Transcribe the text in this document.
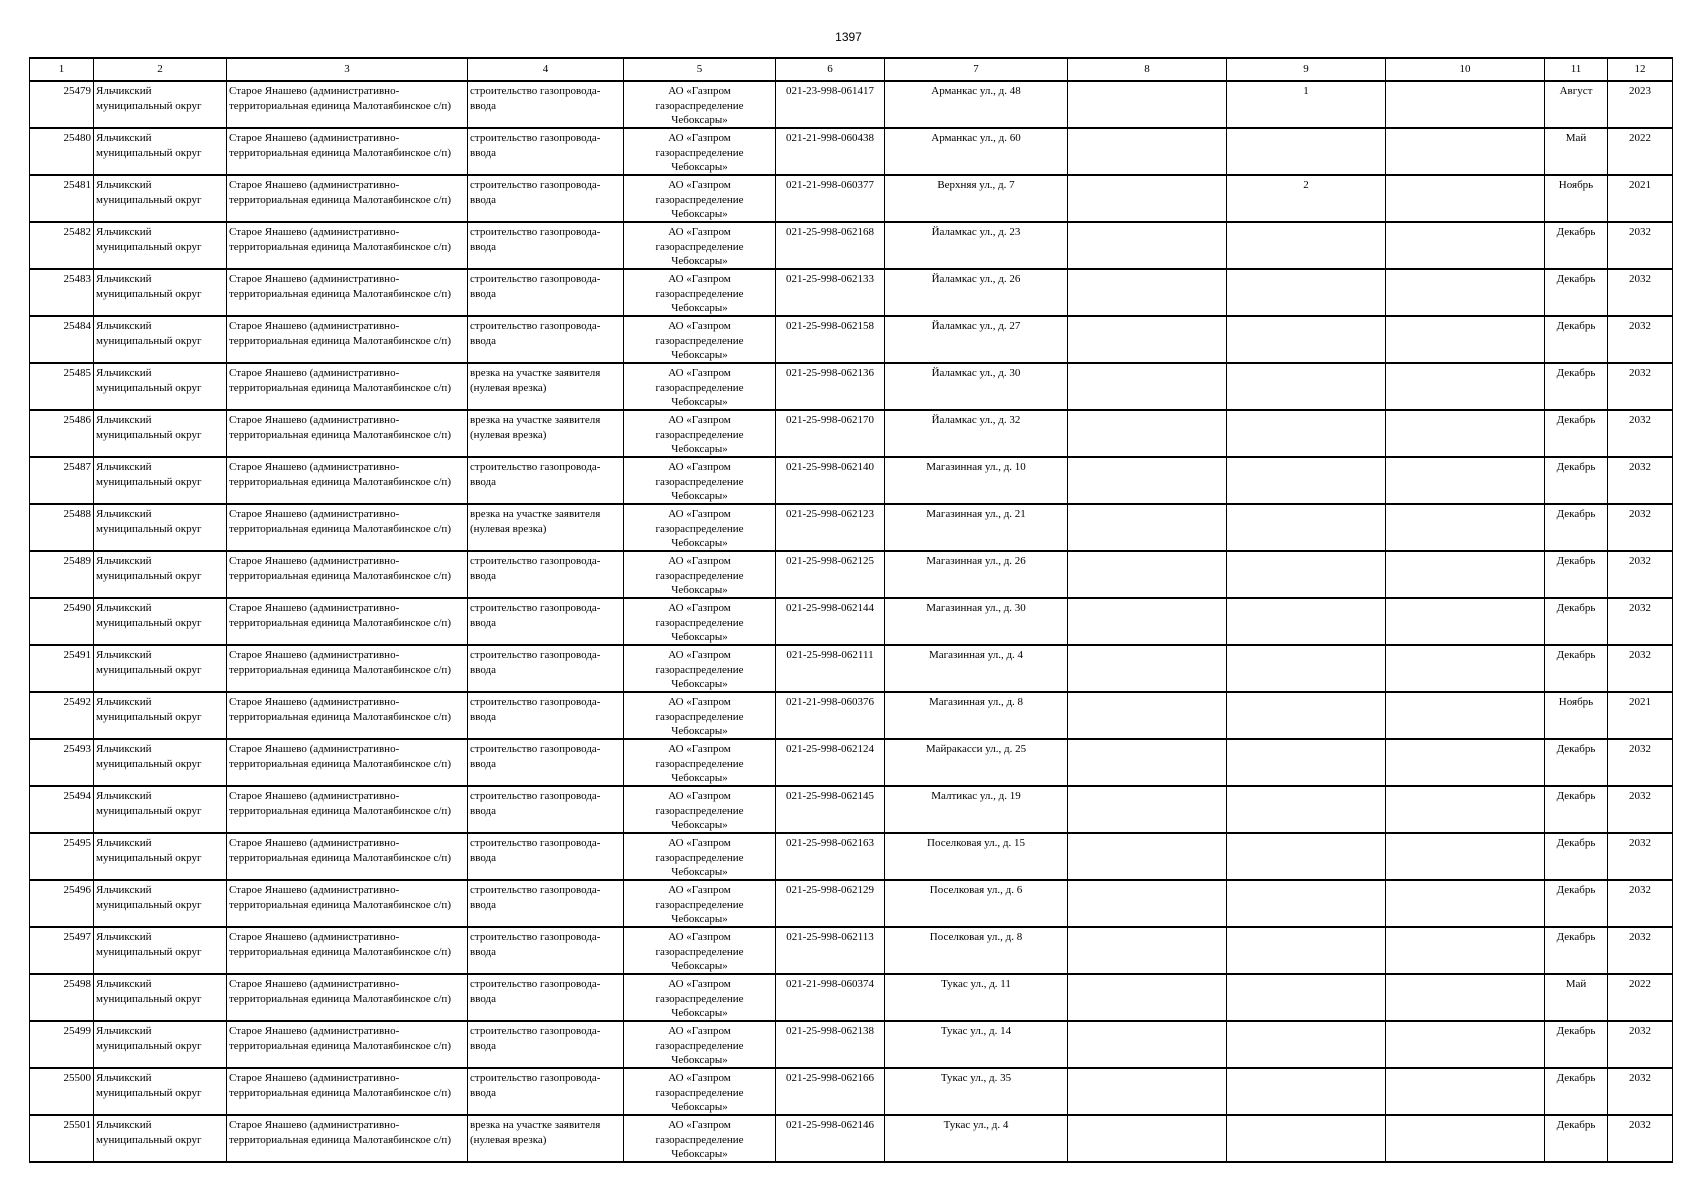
1397
1	2	3	4	5	6	7	8	9	10	11	12

25479	Яльчикский муниципальный округ	Старое Янашево (административно-территориальная единица Малотаябинское с/п)	строительство газопровода-ввода	АО «Газпром газораспределение Чебоксары»	021-23-998-061417	Арманкас ул., д. 48		1		Август	2023

25480	Яльчикский муниципальный округ	Старое Янашево (административно-территориальная единица Малотаябинское с/п)	строительство газопровода-ввода	АО «Газпром газораспределение Чебоксары»	021-21-998-060438	Арманкас ул., д. 60				Май	2022

25481	Яльчикский муниципальный округ	Старое Янашево (административно-территориальная единица Малотаябинское с/п)	строительство газопровода-ввода	АО «Газпром газораспределение Чебоксары»	021-21-998-060377	Верхняя ул., д. 7		2		Ноябрь	2021

25482	Яльчикский муниципальный округ	Старое Янашево (административно-территориальная единица Малотаябинское с/п)	строительство газопровода-ввода	АО «Газпром газораспределение Чебоксары»	021-25-998-062168	Йаламкас ул., д. 23				Декабрь	2032

25483	Яльчикский муниципальный округ	Старое Янашево (административно-территориальная единица Малотаябинское с/п)	строительство газопровода-ввода	АО «Газпром газораспределение Чебоксары»	021-25-998-062133	Йаламкас ул., д. 26				Декабрь	2032

25484	Яльчикский муниципальный округ	Старое Янашево (административно-территориальная единица Малотаябинское с/п)	строительство газопровода-ввода	АО «Газпром газораспределение Чебоксары»	021-25-998-062158	Йаламкас ул., д. 27				Декабрь	2032

25485	Яльчикский муниципальный округ	Старое Янашево (административно-территориальная единица Малотаябинское с/п)	врезка на участке заявителя (нулевая врезка)	АО «Газпром газораспределение Чебоксары»	021-25-998-062136	Йаламкас ул., д. 30				Декабрь	2032

25486	Яльчикский муниципальный округ	Старое Янашево (административно-территориальная единица Малотаябинское с/п)	врезка на участке заявителя (нулевая врезка)	АО «Газпром газораспределение Чебоксары»	021-25-998-062170	Йаламкас ул., д. 32				Декабрь	2032

25487	Яльчикский муниципальный округ	Старое Янашево (административно-территориальная единица Малотаябинское с/п)	строительство газопровода-ввода	АО «Газпром газораспределение Чебоксары»	021-25-998-062140	Магазинная ул., д. 10				Декабрь	2032

25488	Яльчикский муниципальный округ	Старое Янашево (административно-территориальная единица Малотаябинское с/п)	врезка на участке заявителя (нулевая врезка)	АО «Газпром газораспределение Чебоксары»	021-25-998-062123	Магазинная ул., д. 21				Декабрь	2032

25489	Яльчикский муниципальный округ	Старое Янашево (административно-территориальная единица Малотаябинское с/п)	строительство газопровода-ввода	АО «Газпром газораспределение Чебоксары»	021-25-998-062125	Магазинная ул., д. 26				Декабрь	2032

25490	Яльчикский муниципальный округ	Старое Янашево (административно-территориальная единица Малотаябинское с/п)	строительство газопровода-ввода	АО «Газпром газораспределение Чебоксары»	021-25-998-062144	Магазинная ул., д. 30				Декабрь	2032

25491	Яльчикский муниципальный округ	Старое Янашево (административно-территориальная единица Малотаябинское с/п)	строительство газопровода-ввода	АО «Газпром газораспределение Чебоксары»	021-25-998-062111	Магазинная ул., д. 4				Декабрь	2032

25492	Яльчикский муниципальный округ	Старое Янашево (административно-территориальная единица Малотаябинское с/п)	строительство газопровода-ввода	АО «Газпром газораспределение Чебоксары»	021-21-998-060376	Магазинная ул., д. 8				Ноябрь	2021

25493	Яльчикский муниципальный округ	Старое Янашево (административно-территориальная единица Малотаябинское с/п)	строительство газопровода-ввода	АО «Газпром газораспределение Чебоксары»	021-25-998-062124	Майракасси ул., д. 25				Декабрь	2032

25494	Яльчикский муниципальный округ	Старое Янашево (административно-территориальная единица Малотаябинское с/п)	строительство газопровода-ввода	АО «Газпром газораспределение Чебоксары»	021-25-998-062145	Малтикас ул., д. 19				Декабрь	2032

25495	Яльчикский муниципальный округ	Старое Янашево (административно-территориальная единица Малотаябинское с/п)	строительство газопровода-ввода	АО «Газпром газораспределение Чебоксары»	021-25-998-062163	Поселковая ул., д. 15				Декабрь	2032

25496	Яльчикский муниципальный округ	Старое Янашево (административно-территориальная единица Малотаябинское с/п)	строительство газопровода-ввода	АО «Газпром газораспределение Чебоксары»	021-25-998-062129	Поселковая ул., д. 6				Декабрь	2032

25497	Яльчикский муниципальный округ	Старое Янашево (административно-территориальная единица Малотаябинское с/п)	строительство газопровода-ввода	АО «Газпром газораспределение Чебоксары»	021-25-998-062113	Поселковая ул., д. 8				Декабрь	2032

25498	Яльчикский муниципальный округ	Старое Янашево (административно-территориальная единица Малотаябинское с/п)	строительство газопровода-ввода	АО «Газпром газораспределение Чебоксары»	021-21-998-060374	Тукас ул., д. 11				Май	2022

25499	Яльчикский муниципальный округ	Старое Янашево (административно-территориальная единица Малотаябинское с/п)	строительство газопровода-ввода	АО «Газпром газораспределение Чебоксары»	021-25-998-062138	Тукас ул., д. 14				Декабрь	2032

25500	Яльчикский муниципальный округ	Старое Янашево (административно-территориальная единица Малотаябинское с/п)	строительство газопровода-ввода	АО «Газпром газораспределение Чебоксары»	021-25-998-062166	Тукас ул., д. 35				Декабрь	2032

25501	Яльчикский муниципальный округ	Старое Янашево (административно-территориальная единица Малотаябинское с/п)	врезка на участке заявителя (нулевая врезка)	АО «Газпром газораспределение Чебоксары»	021-25-998-062146	Тукас ул., д. 4				Декабрь	2032
